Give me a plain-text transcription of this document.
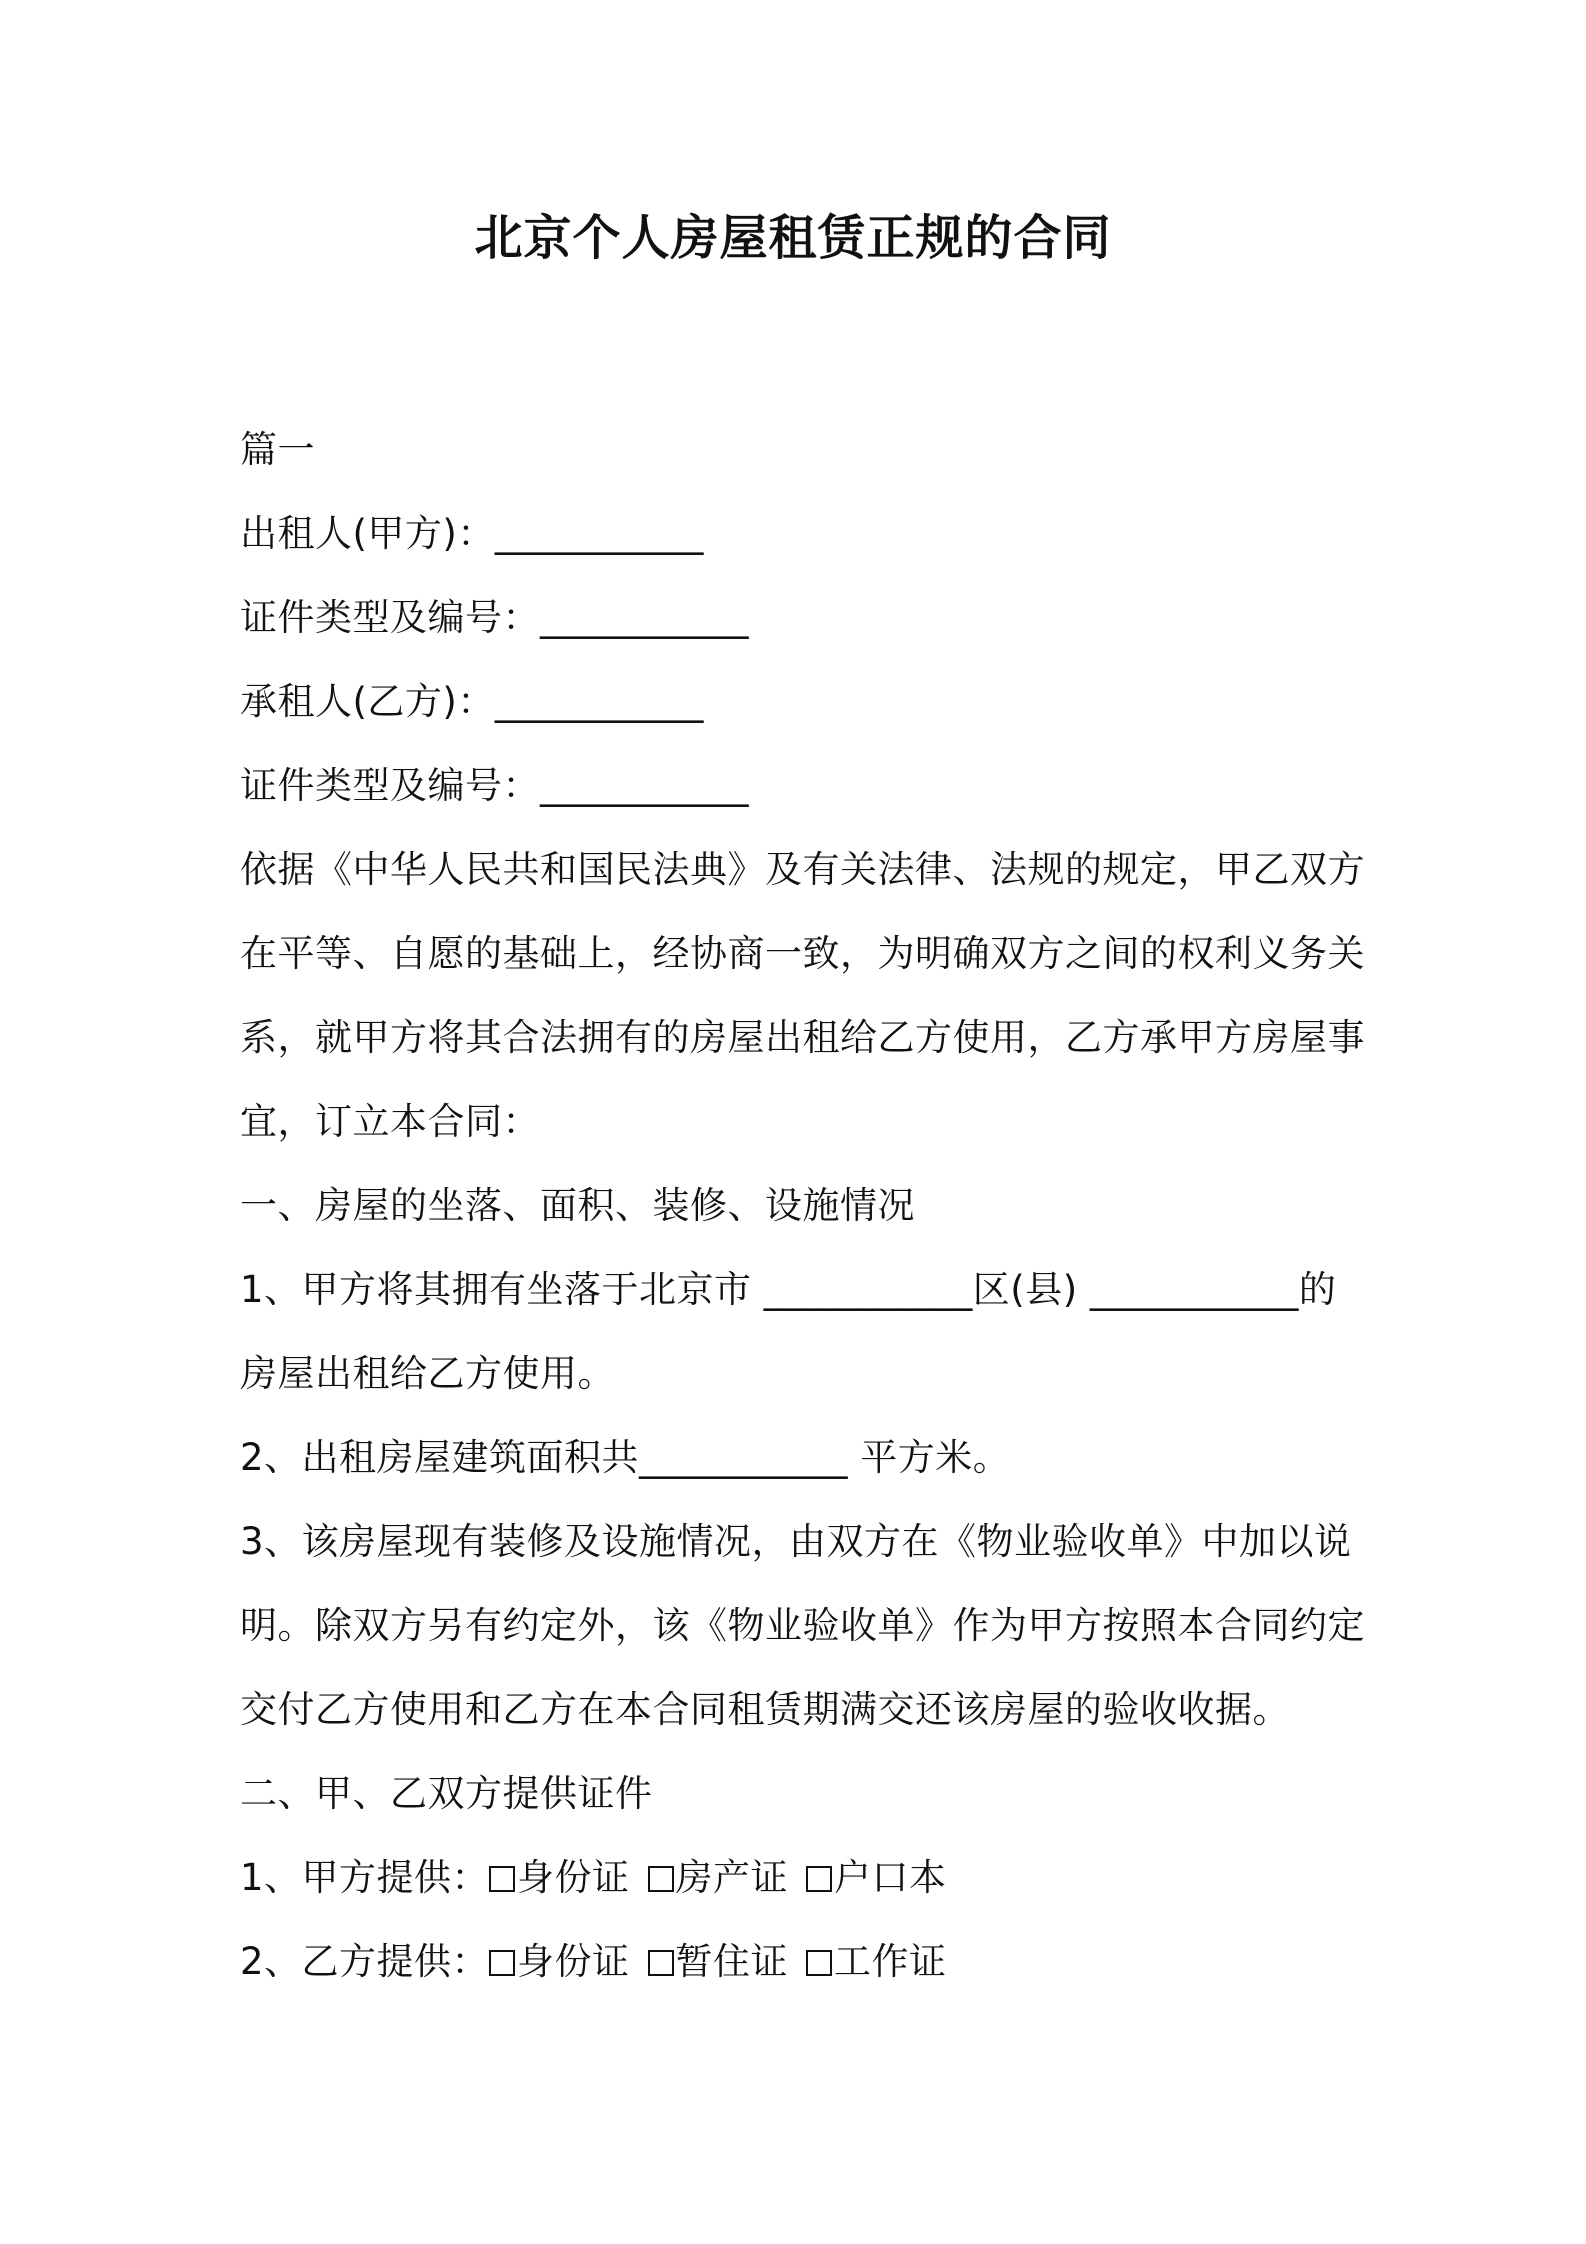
北京个人房屋租赁正规的合同
篇一
出租人(甲方)：___________
证件类型及编号：___________
承租人(乙方)：___________
证件类型及编号：___________
依据《中华人民共和国民法典》及有关法律、法规的规定，甲乙双方
在平等、自愿的基础上，经协商一致，为明确双方之间的权利义务关
系，就甲方将其合法拥有的房屋出租给乙方使用，乙方承甲方房屋事
宜，订立本合同：
一、房屋的坐落、面积、装修、设施情况
1、甲方将其拥有坐落于北京市 ___________区(县) ___________的
房屋出租给乙方使用。
2、出租房屋建筑面积共___________ 平方米。
3、该房屋现有装修及设施情况，由双方在《物业验收单》中加以说
明。除双方另有约定外，该《物业验收单》作为甲方按照本合同约定
交付乙方使用和乙方在本合同租赁期满交还该房屋的验收收据。
二、甲、乙双方提供证件
1、甲方提供： 身份证 房产证 户口本
2、乙方提供： 身份证 暂住证 工作证
